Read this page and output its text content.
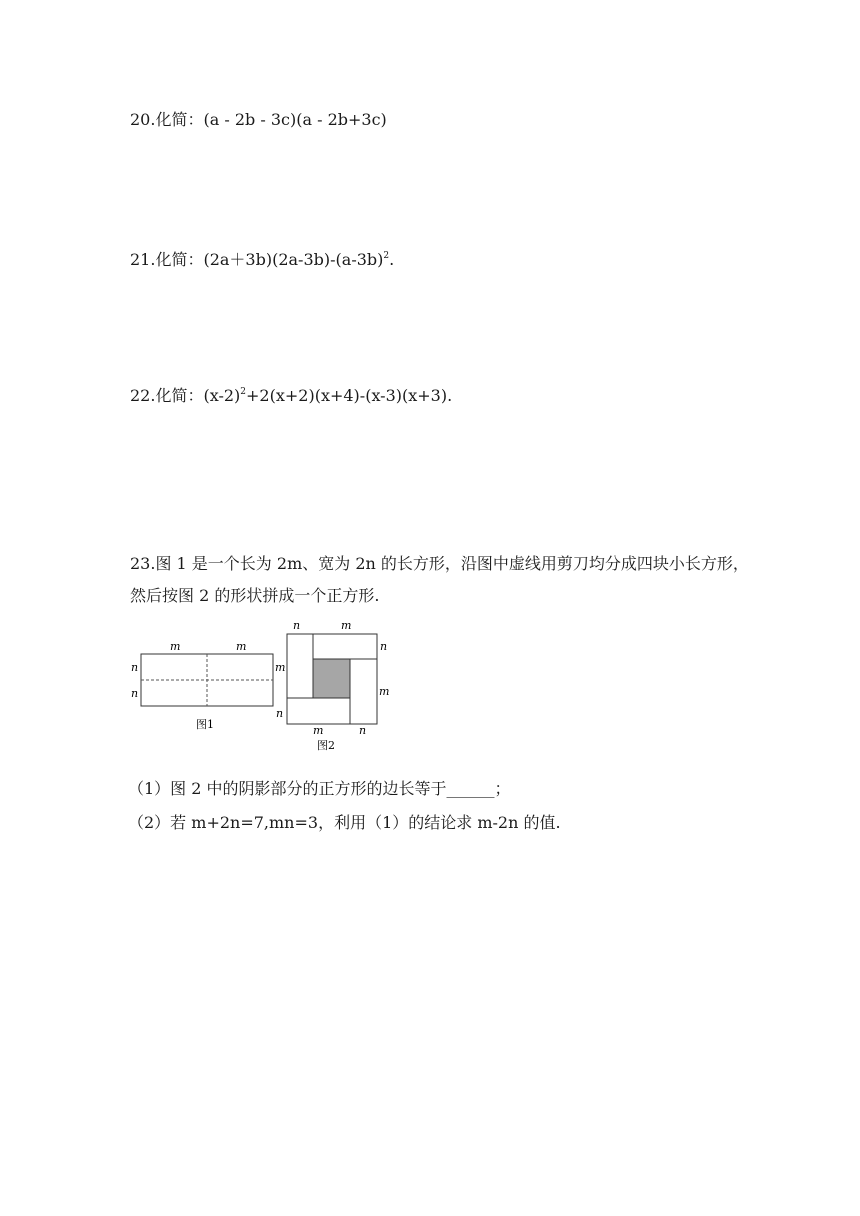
20.化简：(a - 2b - 3c)(a - 2b+3c)
21.化简：$(2a+3b)(2a-3b)-(a-3b)^2$.
22.化简：$(x-2)^2+2(x+2)(x+4)-(x-3)(x+3)$.
23.图 1 是一个长为 2m、宽为 2n 的长方形，沿图中虚线用剪刀均分成四块小长方形，
然后按图 2 的形状拼成一个正方形.
m	m
n
n
m
图1
n	m
n
m
n
m	n
图2
（1）图 2 中的阴影部分的正方形的边长等于______；
（2）若 m+2n=7,mn=3，利用（1）的结论求 m-2n 的值.
